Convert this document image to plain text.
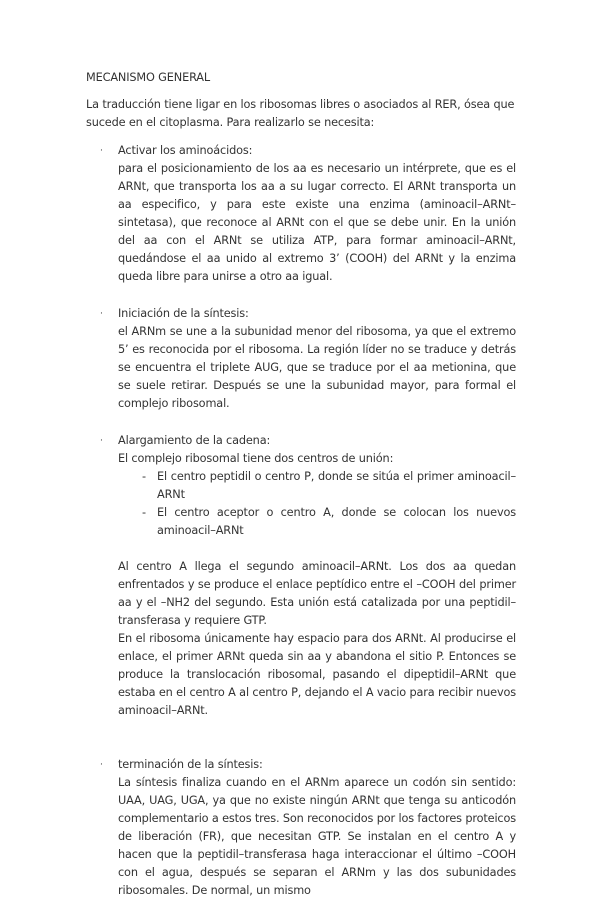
MECANISMO GENERAL

La traducción tiene ligar en los ribosomas libres o asociados al RER, ósea que sucede en el citoplasma. Para realizarlo se necesita:

· Activar los aminoácidos:

para el posicionamiento de los aa es necesario un intérprete, que es el ARNt, que transporta los aa a su lugar correcto. El ARNt transporta un aa especifico, y para este existe una enzima (aminoacil–ARNt–sintetasa), que reconoce al ARNt con el que se debe unir. En la unión del aa con el ARNt se utiliza ATP, para formar aminoacil–ARNt, quedándose el aa unido al extremo 3’ (COOH) del ARNt y la enzima queda libre para unirse a otro aa igual.

· Iniciación de la síntesis:

el ARNm se une a la subunidad menor del ribosoma, ya que el extremo 5’ es reconocida por el ribosoma. La región líder no se traduce y detrás se encuentra el triplete AUG, que se traduce por el aa metionina, que se suele retirar. Después se une la subunidad mayor, para formal el complejo ribosomal.

· Alargamiento de la cadena:

El complejo ribosomal tiene dos centros de unión:

- El centro peptidil o centro P, donde se sitúa el primer aminoacil–ARNt
- El centro aceptor o centro A, donde se colocan los nuevos aminoacil–ARNt

Al centro A llega el segundo aminoacil–ARNt. Los dos aa quedan enfrentados y se produce el enlace peptídico entre el –COOH del primer aa y el –NH2 del segundo. Esta unión está catalizada por una peptidil–transferasa y requiere GTP.

En el ribosoma únicamente hay espacio para dos ARNt. Al producirse el enlace, el primer ARNt queda sin aa y abandona el sitio P. Entonces se produce la translocación ribosomal, pasando el dipeptidil–ARNt que estaba en el centro A al centro P, dejando el A vacio para recibir nuevos aminoacil–ARNt.

· terminación de la síntesis:

La síntesis finaliza cuando en el ARNm aparece un codón sin sentido: UAA, UAG, UGA, ya que no existe ningún ARNt que tenga su anticodón complementario a estos tres. Son reconocidos por los factores proteicos de liberación (FR), que necesitan GTP. Se instalan en el centro A y hacen que la peptidil–transferasa haga interaccionar el último –COOH con el agua, después se separan el ARNm y las dos subunidades ribosomales. De normal, un mismo
